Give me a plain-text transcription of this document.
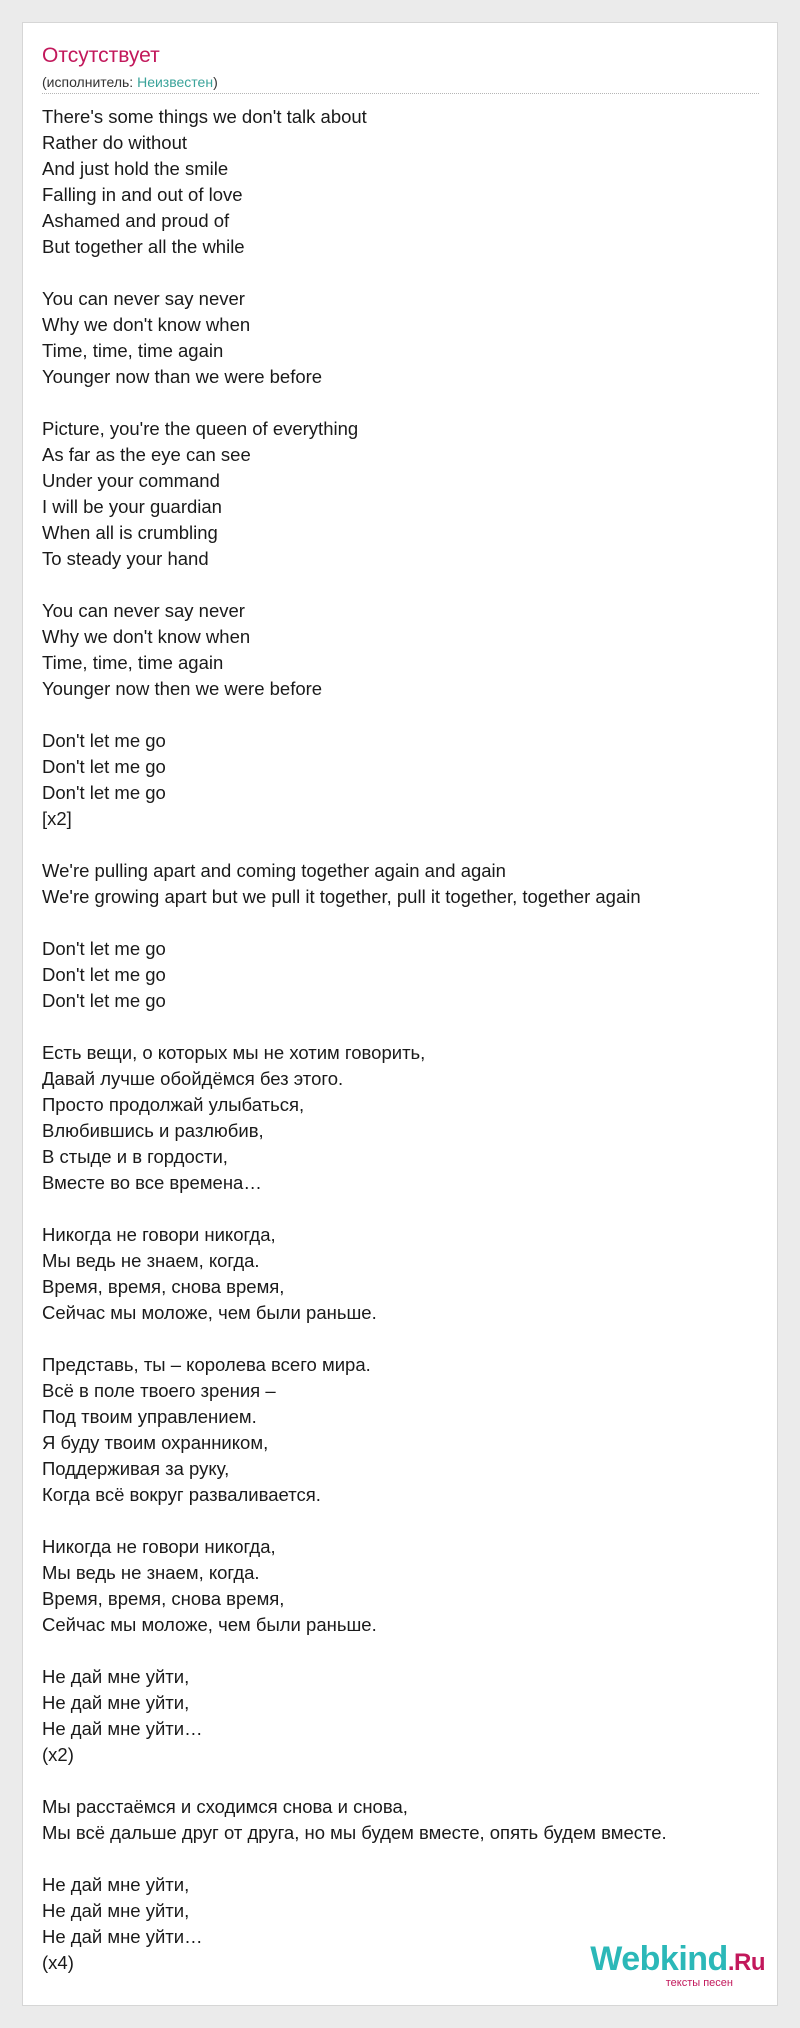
Отсутствует
(исполнитель: Неизвестен)
There's some things we don't talk about
Rather do without
And just hold the smile
Falling in and out of love
Ashamed and proud of
But together all the while
You can never say never
Why we don't know when
Time, time, time again
Younger now than we were before
Picture, you're the queen of everything
As far as the eye can see
Under your command
I will be your guardian
When all is crumbling
To steady your hand
You can never say never
Why we don't know when
Time, time, time again
Younger now then we were before
Don't let me go
Don't let me go
Don't let me go
[x2]
We're pulling apart and coming together again and again
We're growing apart but we pull it together, pull it together, together again
Don't let me go
Don't let me go
Don't let me go
Есть вещи, о которых мы не хотим говорить,
Давай лучше обойдёмся без этого.
Просто продолжай улыбаться,
Влюбившись и разлюбив,
В стыде и в гордости,
Вместе во все времена…
Никогда не говори никогда,
Мы ведь не знаем, когда.
Время, время, снова время,
Сейчас мы моложе, чем были раньше.
Представь, ты – королева всего мира.
Всё в поле твоего зрения –
Под твоим управлением.
Я буду твоим охранником,
Поддерживая за руку,
Когда всё вокруг разваливается.
Никогда не говори никогда,
Мы ведь не знаем, когда.
Время, время, снова время,
Сейчас мы моложе, чем были раньше.
Не дай мне уйти,
Не дай мне уйти,
Не дай мне уйти…
(x2)
Мы расстаёмся и сходимся снова и снова,
Мы всё дальше друг от друга, но мы будем вместе, опять будем вместе.
Не дай мне уйти,
Не дай мне уйти,
Не дай мне уйти…
(x4)	Webkind.Ru
тексты песен
